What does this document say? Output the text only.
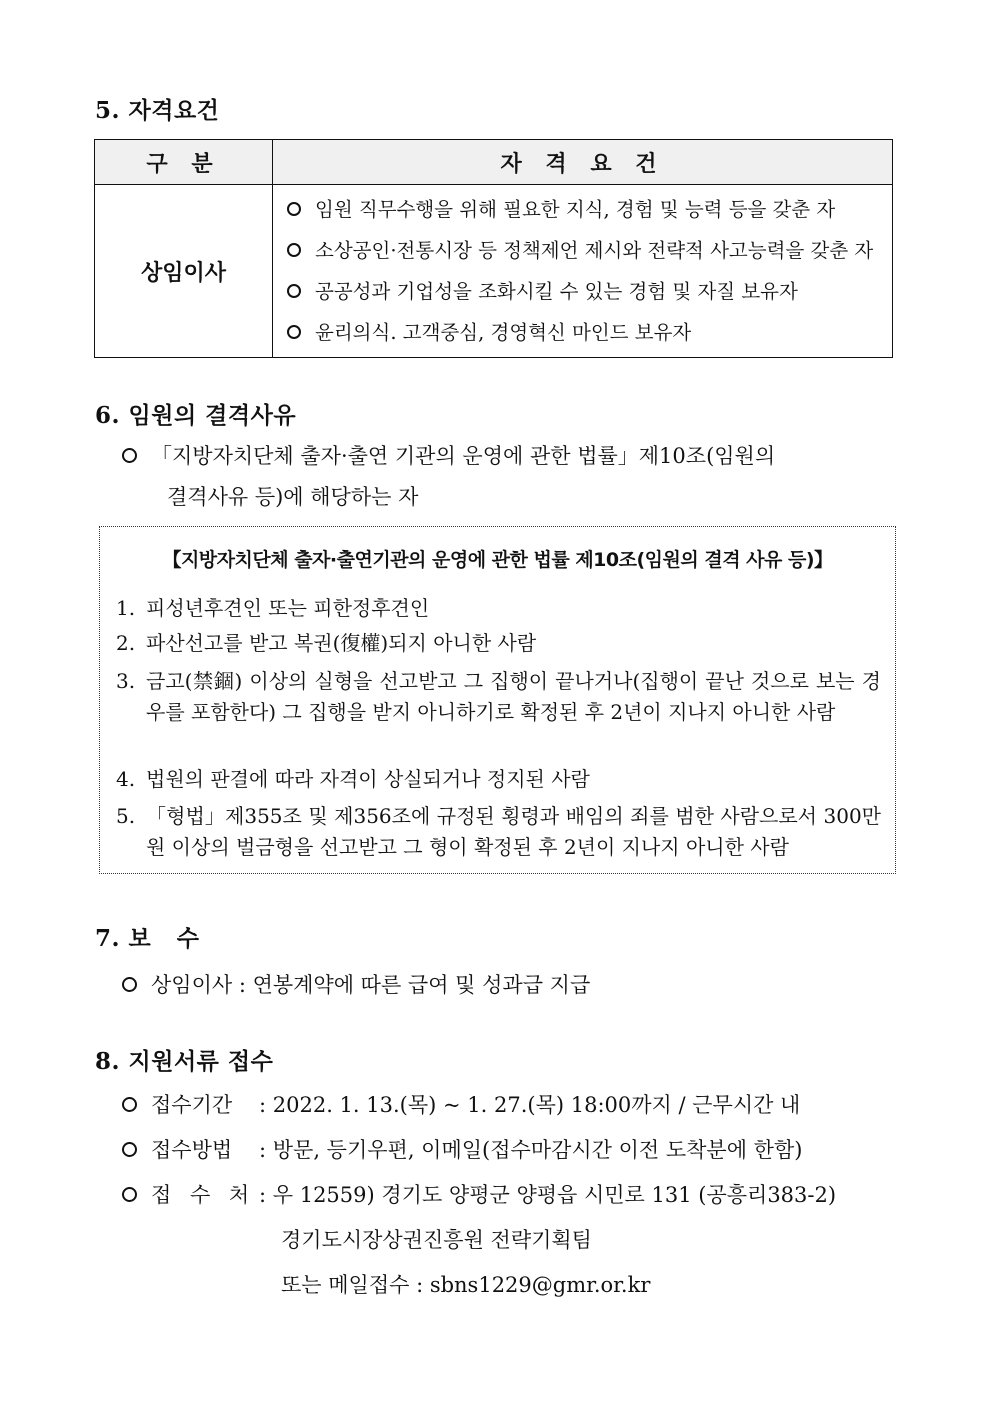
5. 자격요건
구 분	자 격 요 건
상임이사	임원 직무수행을 위해 필요한 지식, 경험 및 능력 등을 갖춘 자
소상공인·전통시장 등 정책제언 제시와 전략적 사고능력을 갖춘 자
공공성과 기업성을 조화시킬 수 있는 경험 및 자질 보유자
윤리의식. 고객중심, 경영혁신 마인드 보유자
6. 임원의 결격사유
「지방자치단체 출자·출연 기관의 운영에 관한 법률」제10조(임원의
결격사유 등)에 해당하는 자
【지방자치단체 출자·출연기관의 운영에 관한 법률 제10조(임원의 결격 사유 등)】
1. 피성년후견인 또는 피한정후견인
2. 파산선고를 받고 복권(復權)되지 아니한 사람
3. 금고(禁錮) 이상의 실형을 선고받고 그 집행이 끝나거나(집행이 끝난 것으로 보는 경우를 포함한다) 그 집행을 받지 아니하기로 확정된 후 2년이 지나지 아니한 사람
4. 법원의 판결에 따라 자격이 상실되거나 정지된 사람
5. 「형법」제355조 및 제356조에 규정된 횡령과 배임의 죄를 범한 사람으로서 300만원 이상의 벌금형을 선고받고 그 형이 확정된 후 2년이 지나지 아니한 사람
7. 보   수
상임이사 : 연봉계약에 따른 급여 및 성과급 지급
8. 지원서류 접수
접수기간 : 2022. 1. 13.(목) ~ 1. 27.(목) 18:00까지 / 근무시간 내
접수방법 : 방문, 등기우편, 이메일(접수마감시간 이전 도착분에 한함)
접 수 처 : 우 12559) 경기도 양평군 양평읍 시민로 131 (공흥리383-2)
경기도시장상권진흥원 전략기획팀
또는 메일접수 : sbns1229@gmr.or.kr
